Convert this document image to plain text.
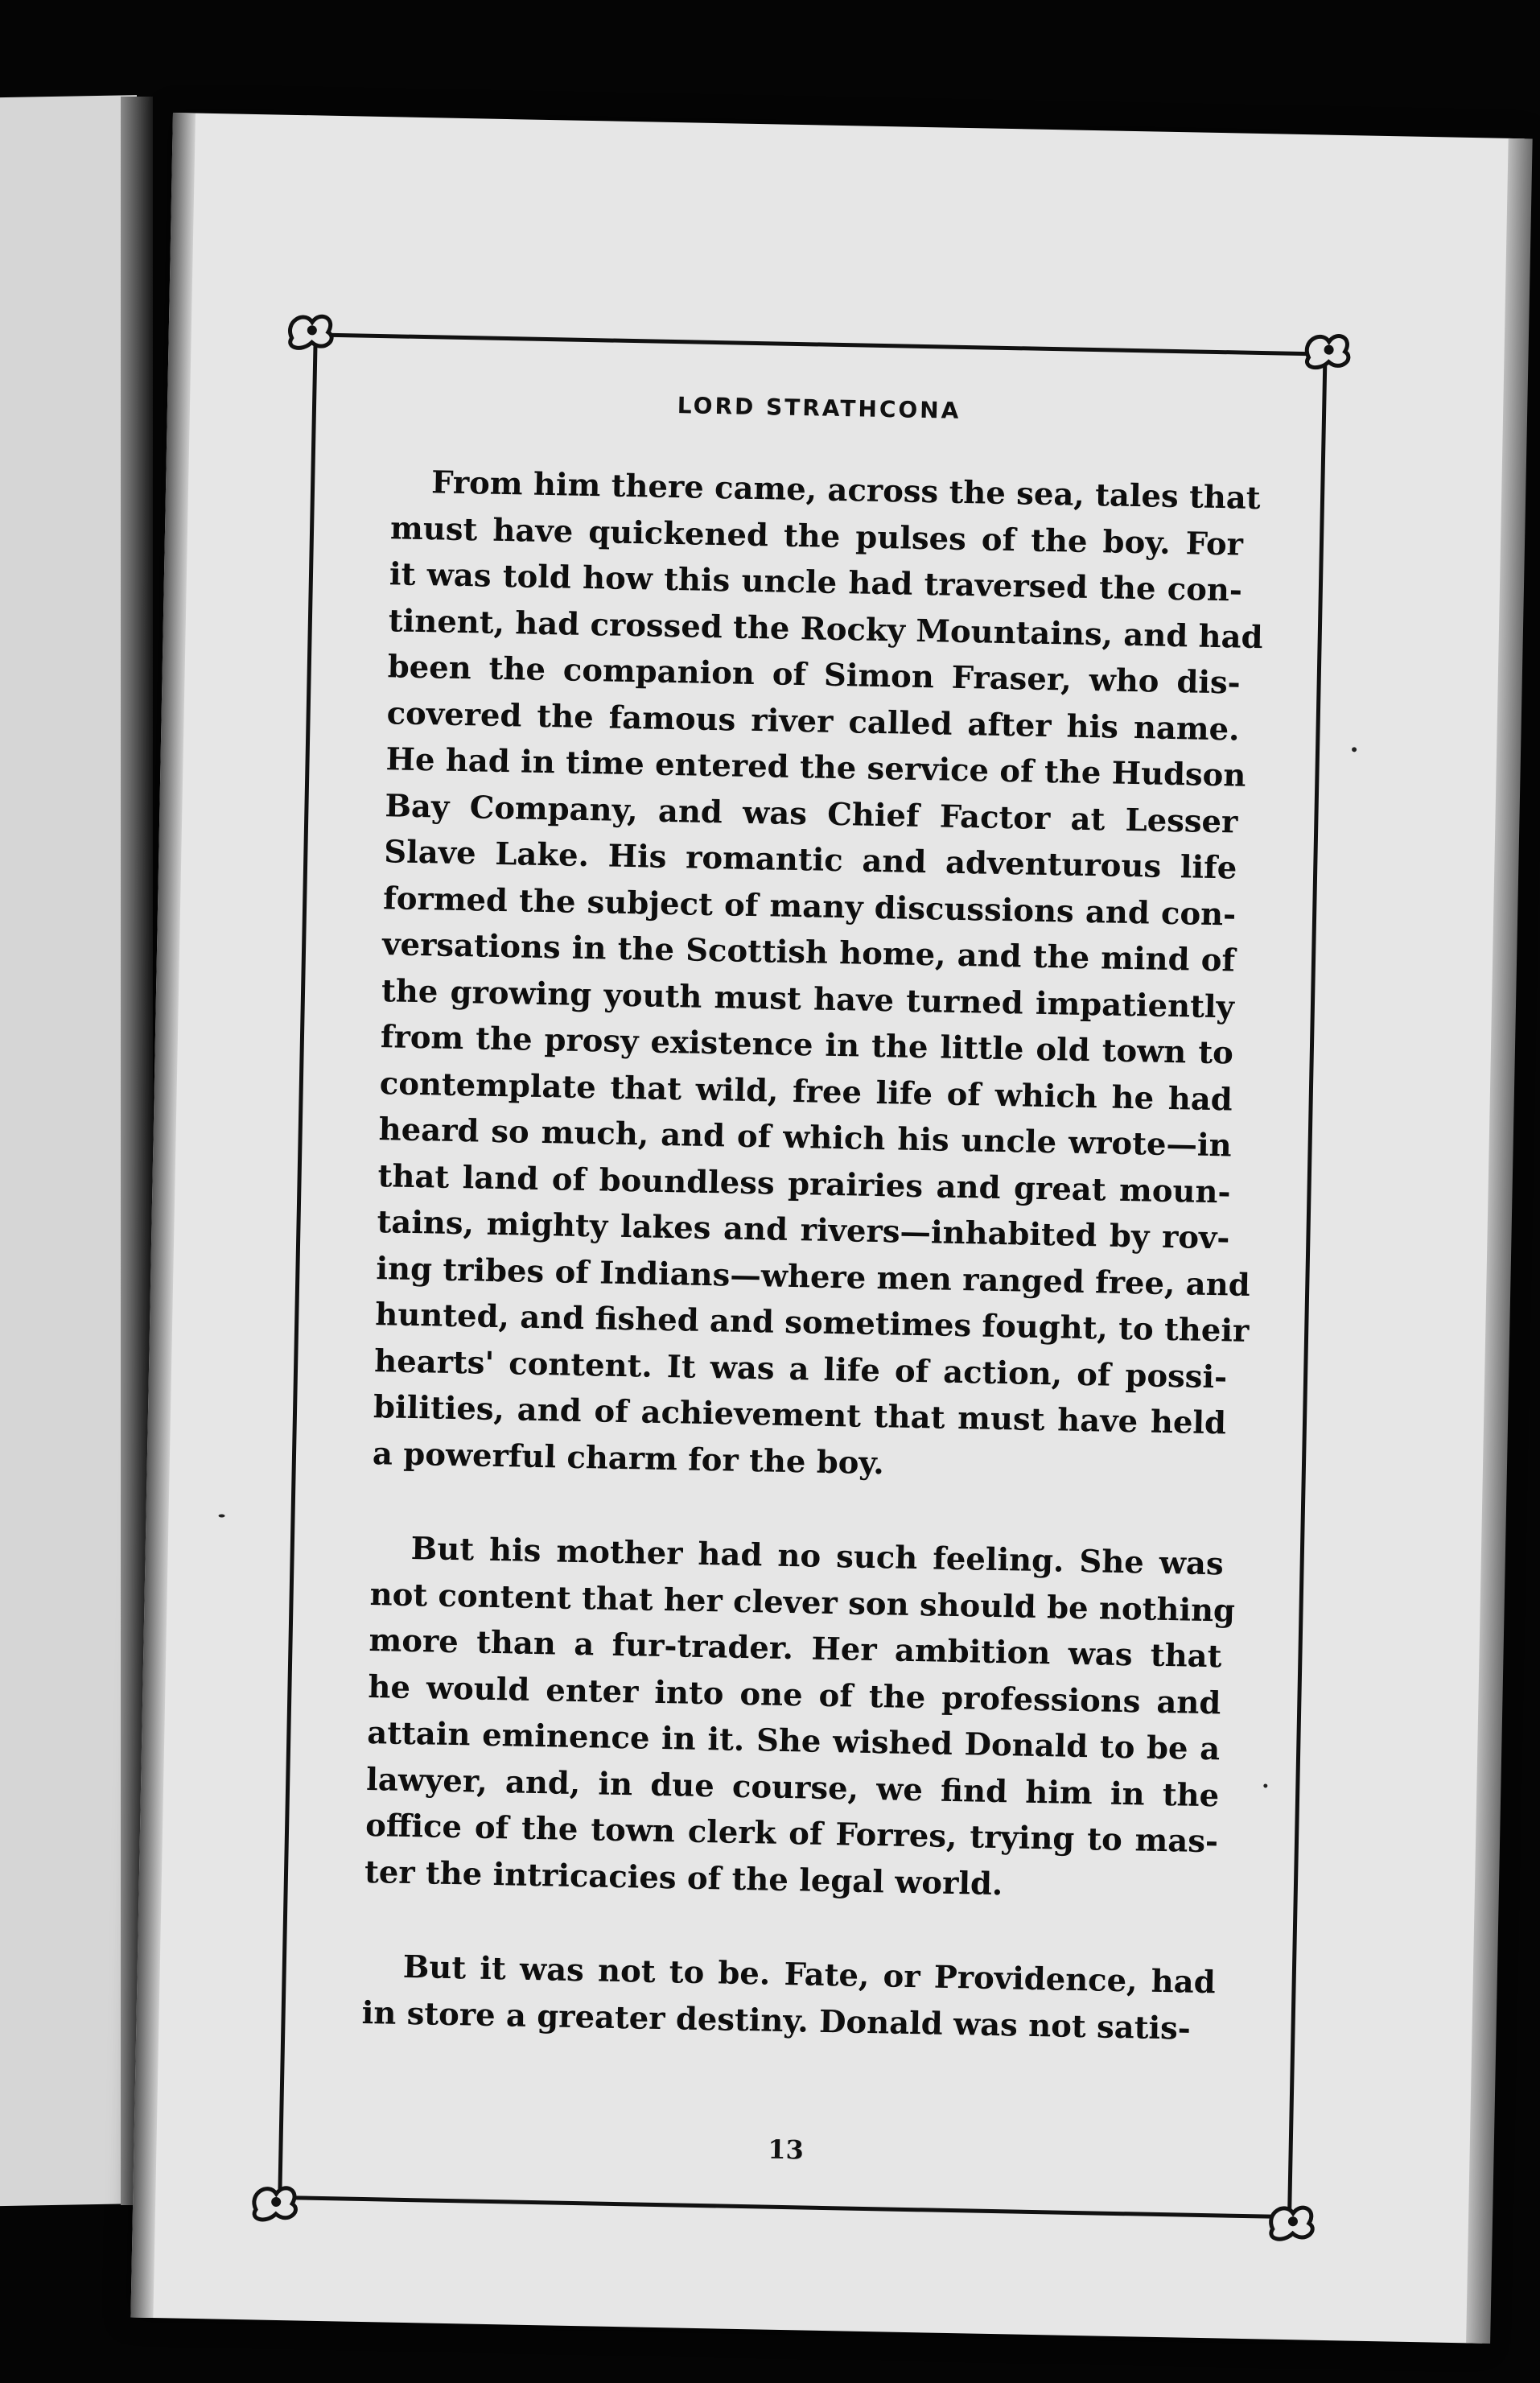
LORD STRATHCONA
From him there came, across the sea, tales that
must have quickened the pulses of the boy. For
it was told how this uncle had traversed the con-
tinent, had crossed the Rocky Mountains, and had
been the companion of Simon Fraser, who dis-
covered the famous river called after his name.
He had in time entered the service of the Hudson
Bay Company, and was Chief Factor at Lesser
Slave Lake. His romantic and adventurous life
formed the subject of many discussions and con-
versations in the Scottish home, and the mind of
the growing youth must have turned impatiently
from the prosy existence in the little old town to
contemplate that wild, free life of which he had
heard so much, and of which his uncle wrote—in
that land of boundless prairies and great moun-
tains, mighty lakes and rivers—inhabited by rov-
ing tribes of Indians—where men ranged free, and
hunted, and fished and sometimes fought, to their
hearts' content. It was a life of action, of possi-
bilities, and of achievement that must have held
a powerful charm for the boy.
But his mother had no such feeling. She was
not content that her clever son should be nothing
more than a fur-trader. Her ambition was that
he would enter into one of the professions and
attain eminence in it. She wished Donald to be a
lawyer, and, in due course, we find him in the
office of the town clerk of Forres, trying to mas-
ter the intricacies of the legal world.
But it was not to be. Fate, or Providence, had
in store a greater destiny. Donald was not satis-
13
